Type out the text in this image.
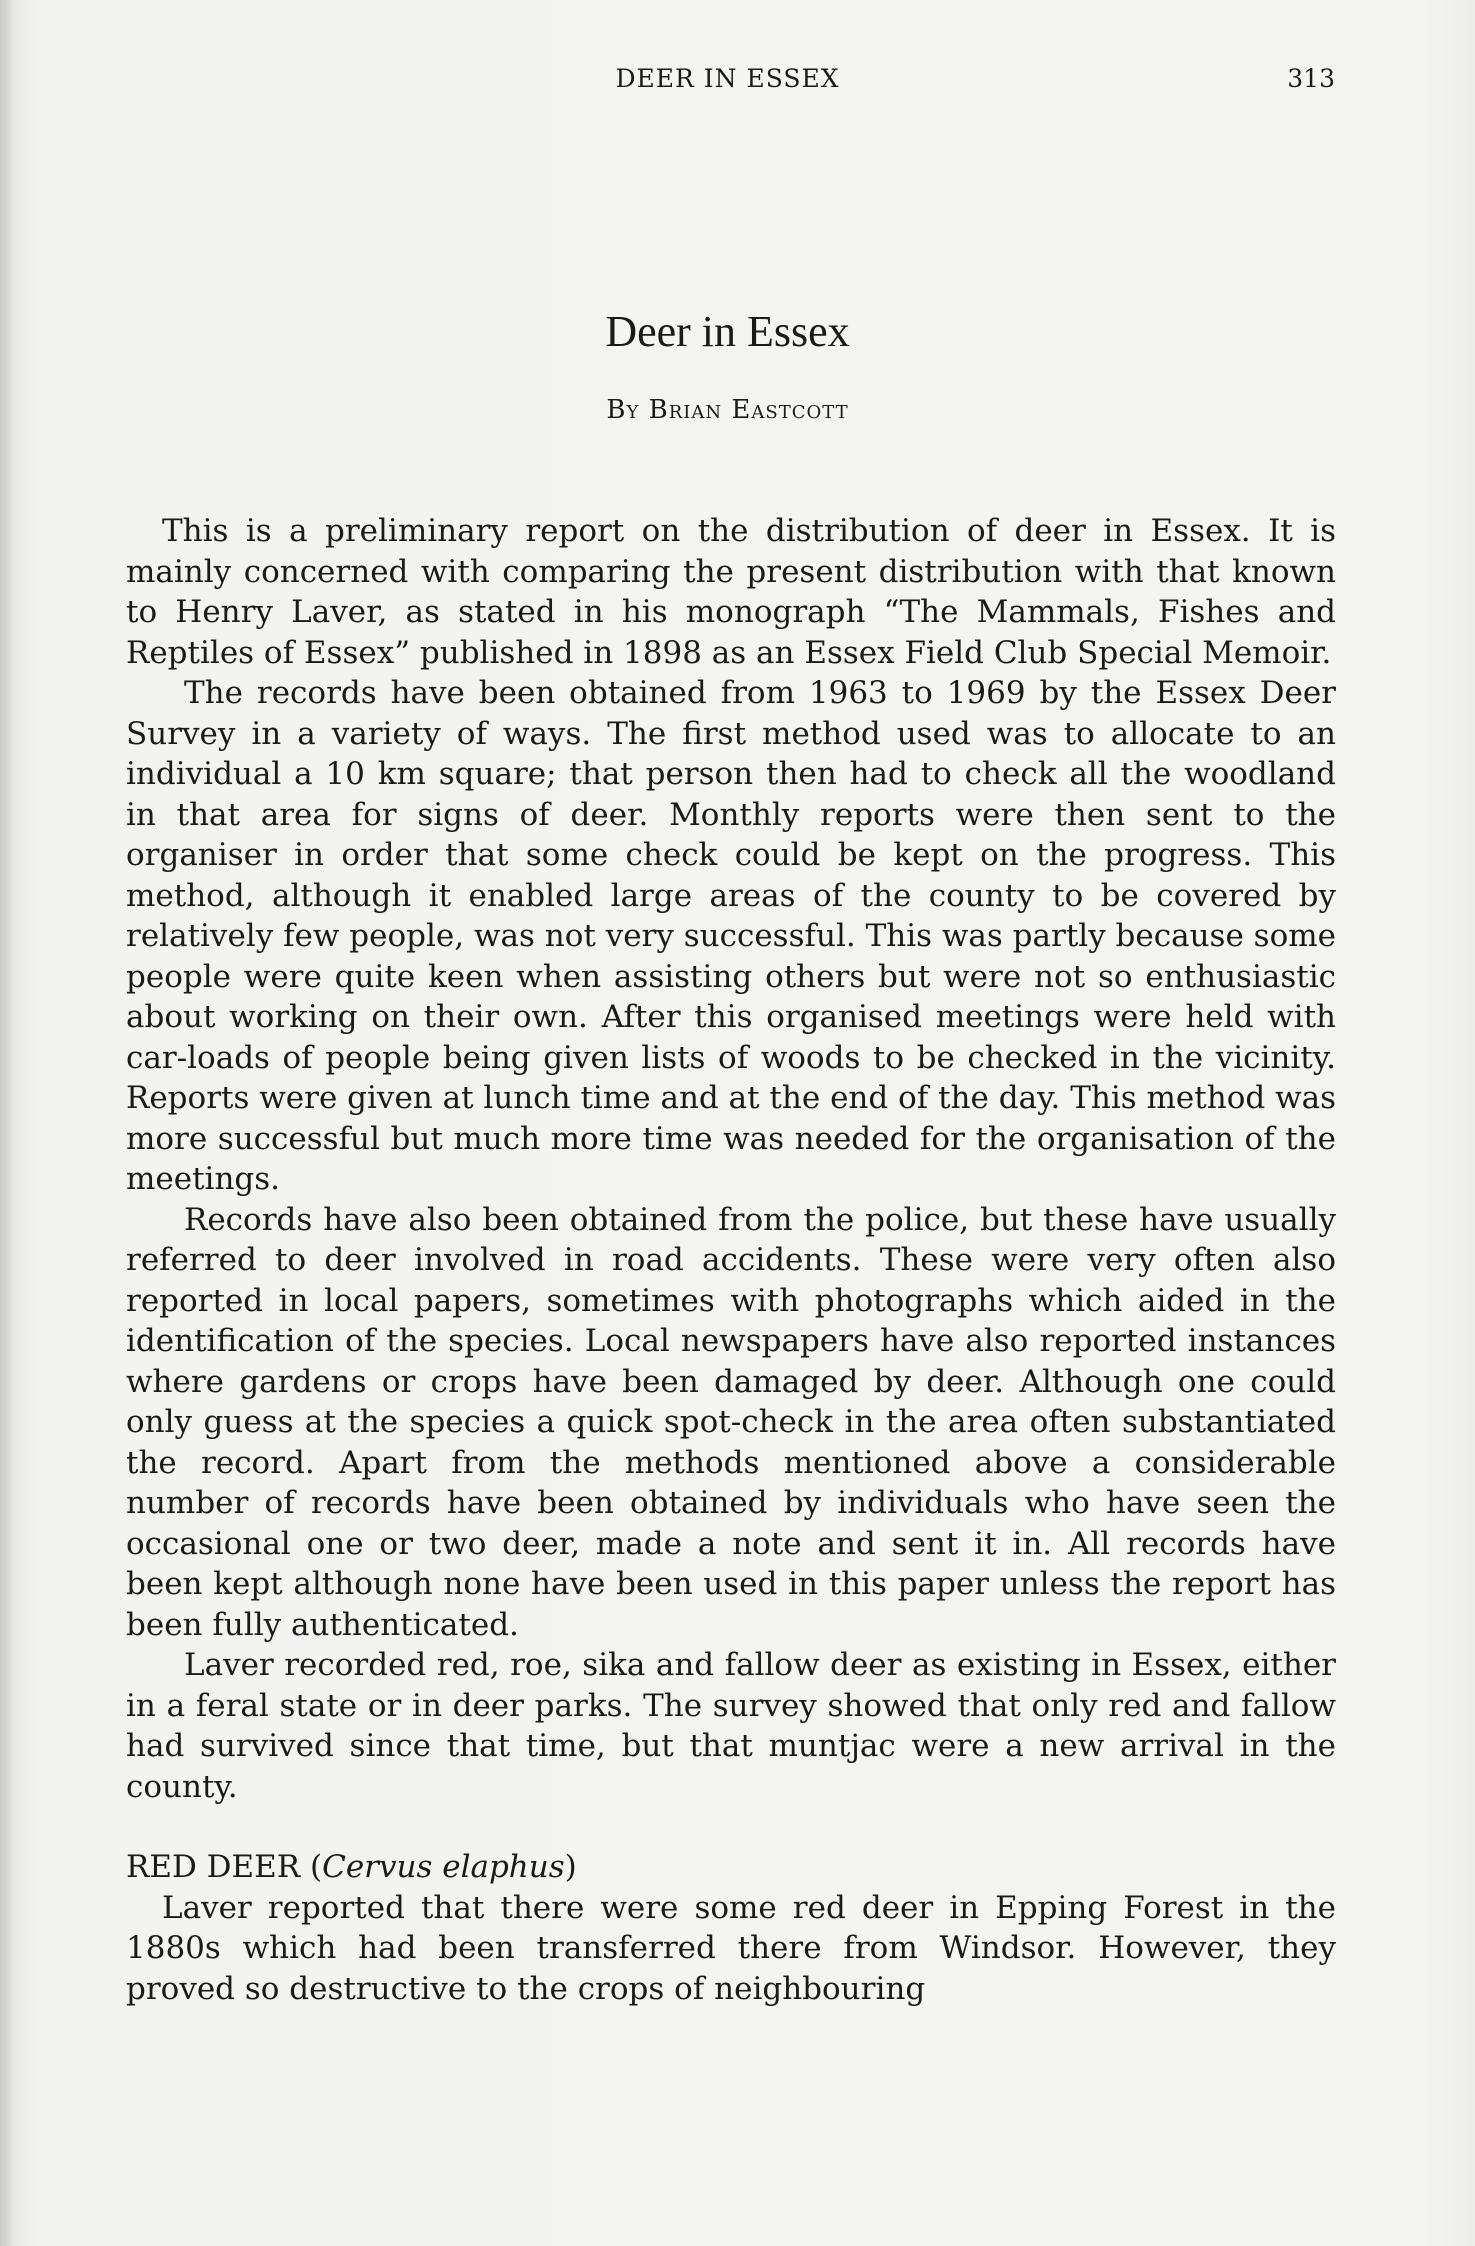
DEER IN ESSEX	313
Deer in Essex
By Brian Eastcott

This is a preliminary report on the distribution of deer in Essex. It is mainly concerned with comparing the present distribution with that known to Henry Laver, as stated in his monograph “The Mammals, Fishes and Reptiles of Essex” published in 1898 as an Essex Field Club Special Memoir.

The records have been obtained from 1963 to 1969 by the Essex Deer Survey in a variety of ways. The first method used was to allocate to an individual a 10 km square; that person then had to check all the woodland in that area for signs of deer. Monthly reports were then sent to the organiser in order that some check could be kept on the progress. This method, although it enabled large areas of the county to be covered by relatively few people, was not very successful. This was partly because some people were quite keen when assisting others but were not so enthusiastic about working on their own. After this organised meetings were held with car-loads of people being given lists of woods to be checked in the vicinity. Reports were given at lunch time and at the end of the day. This method was more successful but much more time was needed for the organisation of the meetings.

Records have also been obtained from the police, but these have usually referred to deer involved in road accidents. These were very often also reported in local papers, sometimes with photographs which aided in the identification of the species. Local newspapers have also reported instances where gardens or crops have been damaged by deer. Although one could only guess at the species a quick spot-check in the area often substantiated the record. Apart from the methods mentioned above a considerable number of records have been obtained by individuals who have seen the occasional one or two deer, made a note and sent it in. All records have been kept although none have been used in this paper unless the report has been fully authenticated.

Laver recorded red, roe, sika and fallow deer as existing in Essex, either in a feral state or in deer parks. The survey showed that only red and fallow had survived since that time, but that muntjac were a new arrival in the county.

RED DEER (Cervus elaphus)

Laver reported that there were some red deer in Epping Forest in the 1880s which had been transferred there from Windsor. However, they proved so destructive to the crops of neighbouring
